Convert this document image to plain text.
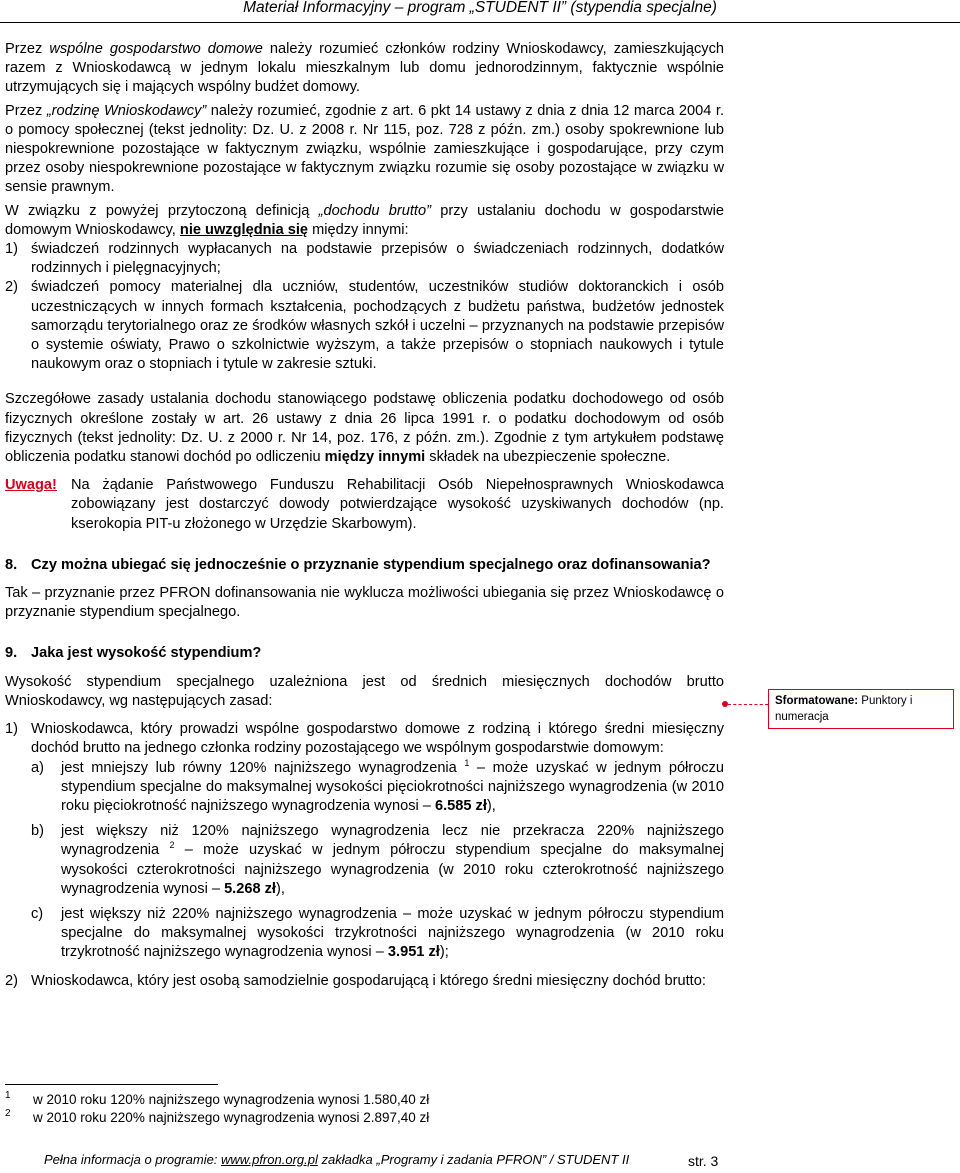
Materiał Informacyjny – program „STUDENT II” (stypendia specjalne)

Przez wspólne gospodarstwo domowe należy rozumieć członków rodziny Wnioskodawcy, zamieszkujących razem z Wnioskodawcą w jednym lokalu mieszkalnym lub domu jednorodzinnym, faktycznie wspólnie utrzymujących się i mających wspólny budżet domowy.

Przez „rodzinę Wnioskodawcy” należy rozumieć, zgodnie z art. 6 pkt 14 ustawy z dnia z dnia 12 marca 2004 r. o pomocy społecznej (tekst jednolity: Dz. U. z 2008 r. Nr 115, poz. 728 z późn. zm.) osoby spokrewnione lub niespokrewnione pozostające w faktycznym związku, wspólnie zamieszkujące i gospodarujące, przy czym przez osoby niespokrewnione pozostające w faktycznym związku rozumie się osoby pozostające w związku w sensie prawnym.

W związku z powyżej przytoczoną definicją „dochodu brutto” przy ustalaniu dochodu w gospodarstwie domowym Wnioskodawcy, nie uwzględnia się między innymi:

1) świadczeń rodzinnych wypłacanych na podstawie przepisów o świadczeniach rodzinnych, dodatków rodzinnych i pielęgnacyjnych;
2) świadczeń pomocy materialnej dla uczniów, studentów, uczestników studiów doktoranckich i osób uczestniczących w innych formach kształcenia, pochodzących z budżetu państwa, budżetów jednostek samorządu terytorialnego oraz ze środków własnych szkół i uczelni – przyznanych na podstawie przepisów o systemie oświaty, Prawo o szkolnictwie wyższym, a także przepisów o stopniach naukowych i tytule naukowym oraz o stopniach i tytule w zakresie sztuki.

Szczegółowe zasady ustalania dochodu stanowiącego podstawę obliczenia podatku dochodowego od osób fizycznych określone zostały w art. 26 ustawy z dnia 26 lipca 1991 r. o podatku dochodowym od osób fizycznych (tekst jednolity: Dz. U. z 2000 r. Nr 14, poz. 176, z późn. zm.). Zgodnie z tym artykułem podstawę obliczenia podatku stanowi dochód po odliczeniu między innymi składek na ubezpieczenie społeczne.

Uwaga! Na żądanie Państwowego Funduszu Rehabilitacji Osób Niepełnosprawnych Wnioskodawca zobowiązany jest dostarczyć dowody potwierdzające wysokość uzyskiwanych dochodów (np. kserokopia PIT-u złożonego w Urzędzie Skarbowym).
8. Czy można ubiegać się jednocześnie o przyznanie stypendium specjalnego oraz dofinansowania?

Tak – przyznanie przez PFRON dofinansowania nie wyklucza możliwości ubiegania się przez Wnioskodawcę o przyznanie stypendium specjalnego.

9. Jaka jest wysokość stypendium?

Wysokość stypendium specjalnego uzależniona jest od średnich miesięcznych dochodów brutto Wnioskodawcy, wg następujących zasad:

1) Wnioskodawca, który prowadzi wspólne gospodarstwo domowe z rodziną i którego średni miesięczny dochód brutto na jednego członka rodziny pozostającego we wspólnym gospodarstwie domowym:
a)	jest mniejszy lub równy 120% najniższego wynagrodzenia $^1$ – może uzyskać w jednym półroczu stypendium specjalne do maksymalnej wysokości pięciokrotności najniższego wynagrodzenia (w 2010 roku pięciokrotność najniższego wynagrodzenia wynosi – 6.585 zł),
b)	jest większy niż 120% najniższego wynagrodzenia lecz nie przekracza 220% najniższego wynagrodzenia $^2$ – może uzyskać w jednym półroczu stypendium specjalne do maksymalnej wysokości czterokrotności najniższego wynagrodzenia (w 2010 roku czterokrotność najniższego wynagrodzenia wynosi – 5.268 zł),
c)	jest większy niż 220% najniższego wynagrodzenia – może uzyskać w jednym półroczu stypendium specjalne do maksymalnej wysokości trzykrotności najniższego wynagrodzenia (w 2010 roku trzykrotność najniższego wynagrodzenia wynosi – 3.951 zł);
2) Wnioskodawca, który jest osobą samodzielnie gospodarującą i którego średni miesięczny dochód brutto:
Sformatowane: Punktory i numeracja
1	w 2010 roku 120% najniższego wynagrodzenia wynosi 1.580,40 zł
2	w 2010 roku 220% najniższego wynagrodzenia wynosi 2.897,40 zł
Pełna informacja o programie: www.pfron.org.pl zakładka „Programy i zadania PFRON” / STUDENT II	str. 3
